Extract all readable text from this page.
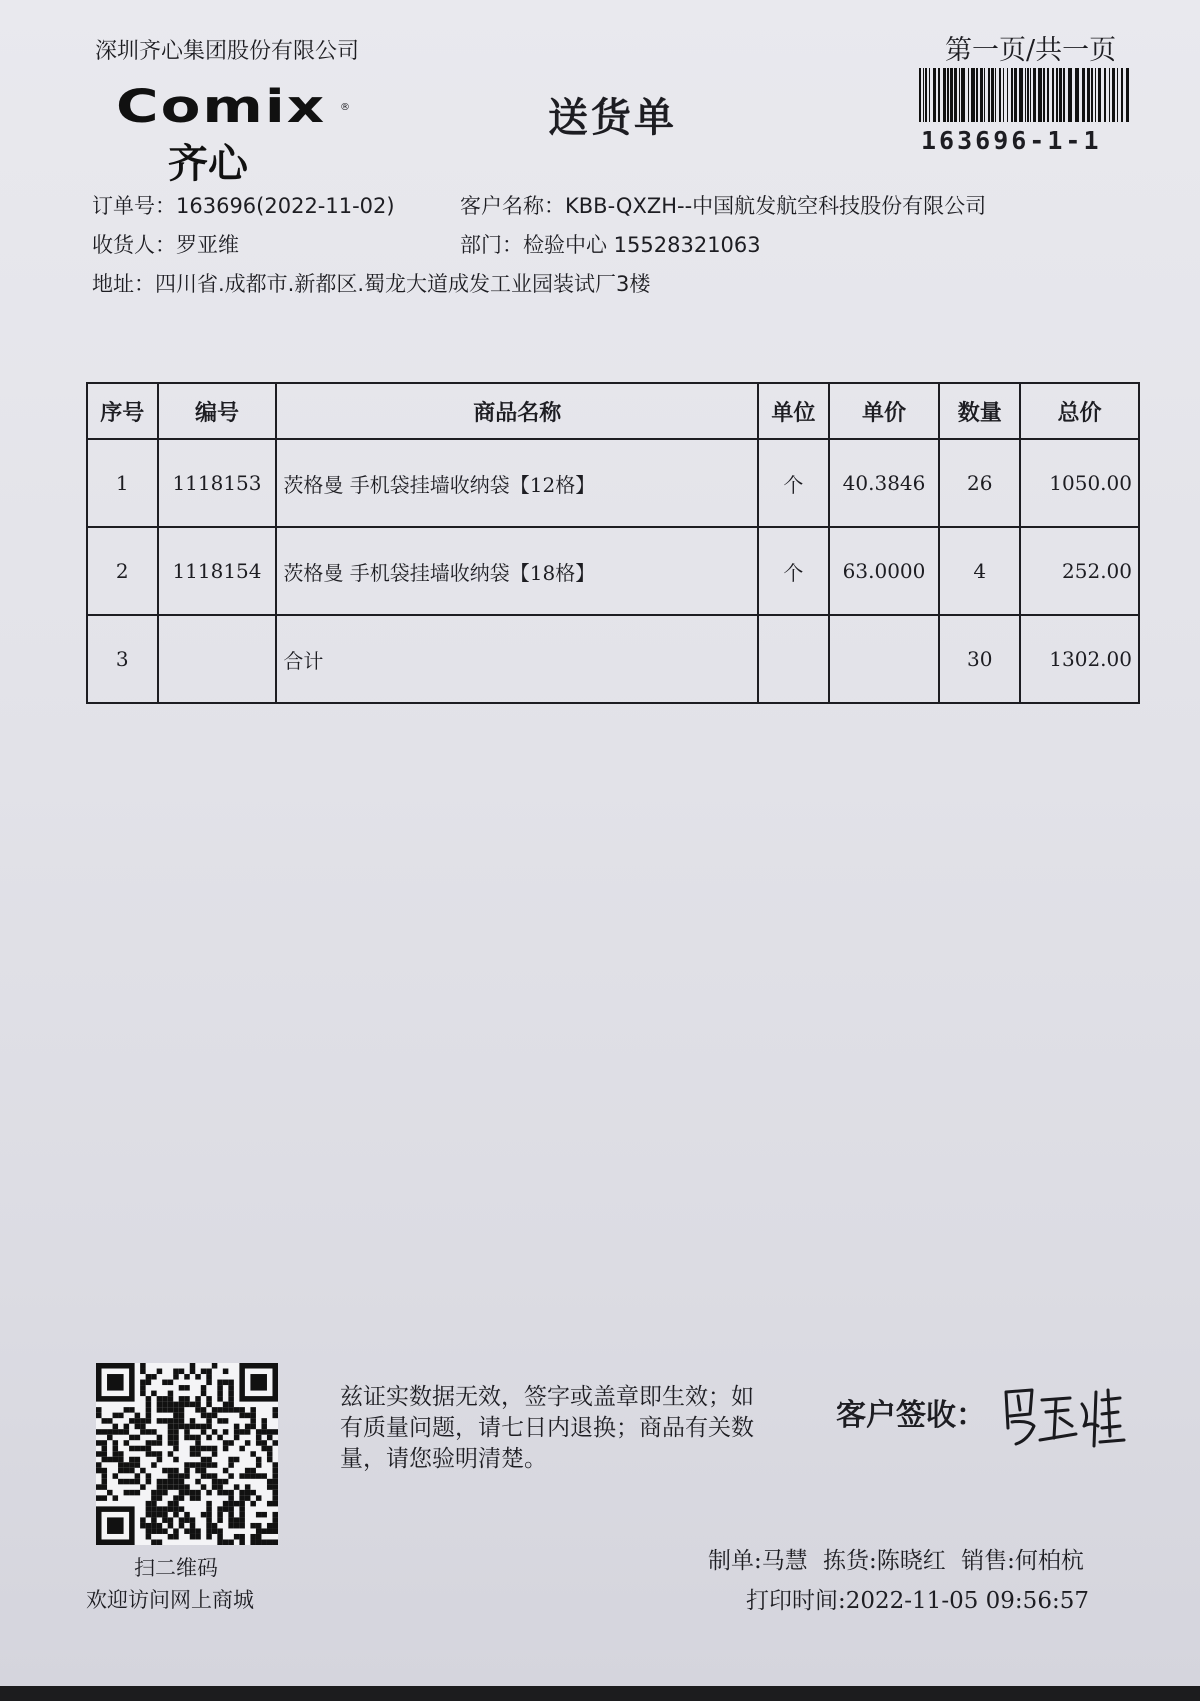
深圳齐心集团股份有限公司	第一页/共一页
Comix ®
齐心
送货单	163696-1-1
订单号：163696(2022-11-02)	客户名称：KBB-QXZH--中国航发航空科技股份有限公司
收货人：罗亚维	部门：检验中心 15528321063
地址：四川省.成都市.新都区.蜀龙大道成发工业园装试厂3楼
序号	编号	商品名称	单位	单价	数量	总价
1	1118153	茨格曼 手机袋挂墙收纳袋【12格】	个	40.3846	26	1050.00
2	1118154	茨格曼 手机袋挂墙收纳袋【18格】	个	63.0000	4	252.00
3		合计			30	1302.00
扫二维码
欢迎访问网上商城
兹证实数据无效，签字或盖章即生效；如有质量问题，请七日内退换；商品有关数量，请您验明清楚。
客户签收：
制单:马慧 拣货:陈晓红 销售:何柏杭
打印时间:2022-11-05 09:56:57
